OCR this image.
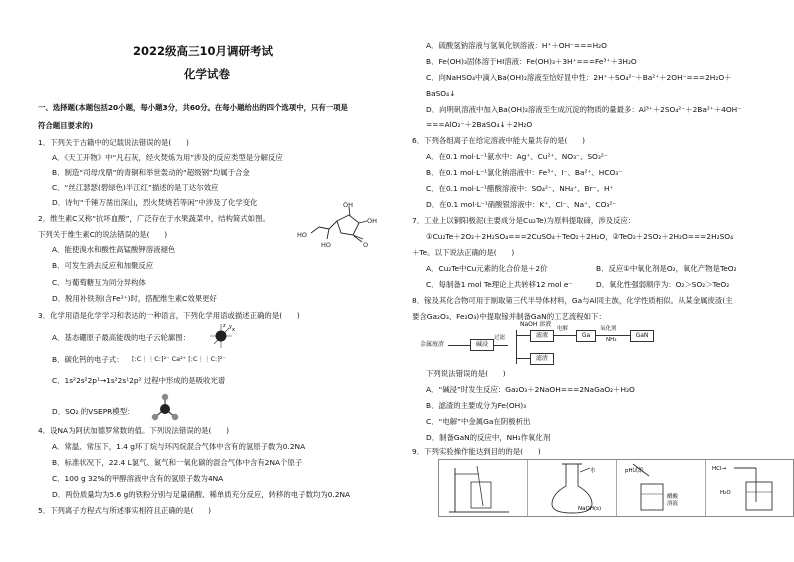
2022级高三10月调研考试
化学试卷
一、选择题(本题包括20小题，每小题3分，共60分。在每小题给出的四个选项中，只有一项是
符合题目要求的)
1．下列关于古籍中的记载说法错误的是(　　)
A．《天工开物》中“凡石灰，经火焚炼为用”涉及的反应类型是分解反应
B．制造“司母戊鼎”的青铜和举世轰动的“超级钢”均属于合金
C．“丝江瑟瑟(碧绿色)半江红”描述的是丁达尔效应
D．诗句“千锤万凿出深山，烈火焚烧若等闲”中涉及了化学变化
2．维生素C又称“抗坏血酸”，广泛存在于水果蔬菜中，结构简式如图。
下列关于维生素C的说法错误的是(　　)
A．能使溴水和酸性高锰酸钾溶液褪色
B．可发生消去反应和加聚反应
C．与葡萄糖互为同分异构体
D．脱用补铁剂(含Fe²⁺)时，搭配维生素C效果更好
OH
OH
HO
HO
O
3．化学用语是化学学习和表达的一种语言，下列化学用语或描述正确的是(　　)
A．基态硼原子最高能级的电子云轮廓图：
x
y
z
B．碳化钙的电子式： [:C⋮⋮C:]²⁻ Ca²⁺ [:C⋮⋮C:]²⁻
C．1s²2s²2p¹→1s²2s¹2p² 过程中形成的是吸收光谱
D．SO₂ 的VSEPR模型：
4．设NA为阿伏加德罗常数的值。下列说法错误的是(　　)
A．常温、常压下，1.4 g环丁烷与环丙烷混合气体中含有的氢原子数为0.2NA
B．标准状况下，22.4 L氯气、氮气和一氧化碳的混合气体中含有2NA个原子
C．100 g 32%的甲醇溶液中含有的氢原子数为4NA
D．两份质量均为5.6 g的铁粉分别与足量硝酸、稀单质充分反应，转移的电子数均为0.2NA
5．下列离子方程式与所述事实相符且正确的是(　　)
A．硫酸氢钠溶液与氢氧化钡溶液：H⁺＋OH⁻===H₂O
B．Fe(OH)₃固体溶于HI溶液：Fe(OH)₃＋3H⁺===Fe³⁺＋3H₂O
C．向NaHSO₄中滴入Ba(OH)₂溶液至恰好显中性：2H⁺＋SO₄²⁻＋Ba²⁺＋2OH⁻===2H₂O＋
BaSO₄↓
D．向明矾溶液中加入Ba(OH)₂溶液至生成沉淀的物质的量最多：Al³⁺＋2SO₄²⁻＋2Ba²⁺＋4OH⁻
===AlO₂⁻＋2BaSO₄↓＋2H₂O
6．下列各组离子在给定溶液中能大量共存的是(　　)
A．在0.1 mol·L⁻¹氨水中：Ag⁺、Cu²⁺、NO₃⁻、SO₃²⁻
B．在0.1 mol·L⁻¹氯化钠溶液中：Fe³⁺、I⁻、Ba²⁺、HCO₃⁻
C．在0.1 mol·L⁻¹醋酸溶液中：SO₄²⁻、NH₄⁺、Br⁻、H⁺
D．在0.1 mol·L⁻¹硝酸银溶液中：K⁺、Cl⁻、Na⁺、CO₃²⁻
7．工业上以铜阳极泥(主要成分是Cu₂Te)为原料提取碲，涉及反应：
①Cu₂Te＋2O₂＋2H₂SO₄===2CuSO₄＋TeO₂＋2H₂O，②TeO₂＋2SO₂＋2H₂O===2H₂SO₄
＋Te。以下说法正确的是(　　)
A．Cu₂Te中Cu元素的化合价是＋2价	B．反应①中氧化剂是O₂，氧化产物是TeO₂
C．每制备1 mol Te理论上共转移12 mol e⁻	D．氧化性强弱顺序为：O₂＞SO₂＞TeO₂
8．镓及其化合物可用于制取第三代半导体材料，Ga与Al同主族，化学性质相似。从某金属废渣(主
要含Ga₂O₃、Fe₂O₃)中提取镓并制备GaN的工艺流程如下：
NaOH 溶液
金属废渣	碱浸
过滤	滤液
滤渣
电解
Ga
氧化剂
NH₃
GaN
下列说法错误的是(　　)
A．“碱浸”时发生反应：Ga₂O₃＋2NaOH===2NaGaO₂＋H₂O
B．滤渣的主要成分为Fe(OH)₃
C．“电解”中金属Ga在阴极析出
D．制备GaN的反应中，NH₃作氧化剂
9．下列实验操作能达到目的的是(　　)
水
NaOH(s)
pH试纸
醋酸
溶液
HCl→
H₂O
